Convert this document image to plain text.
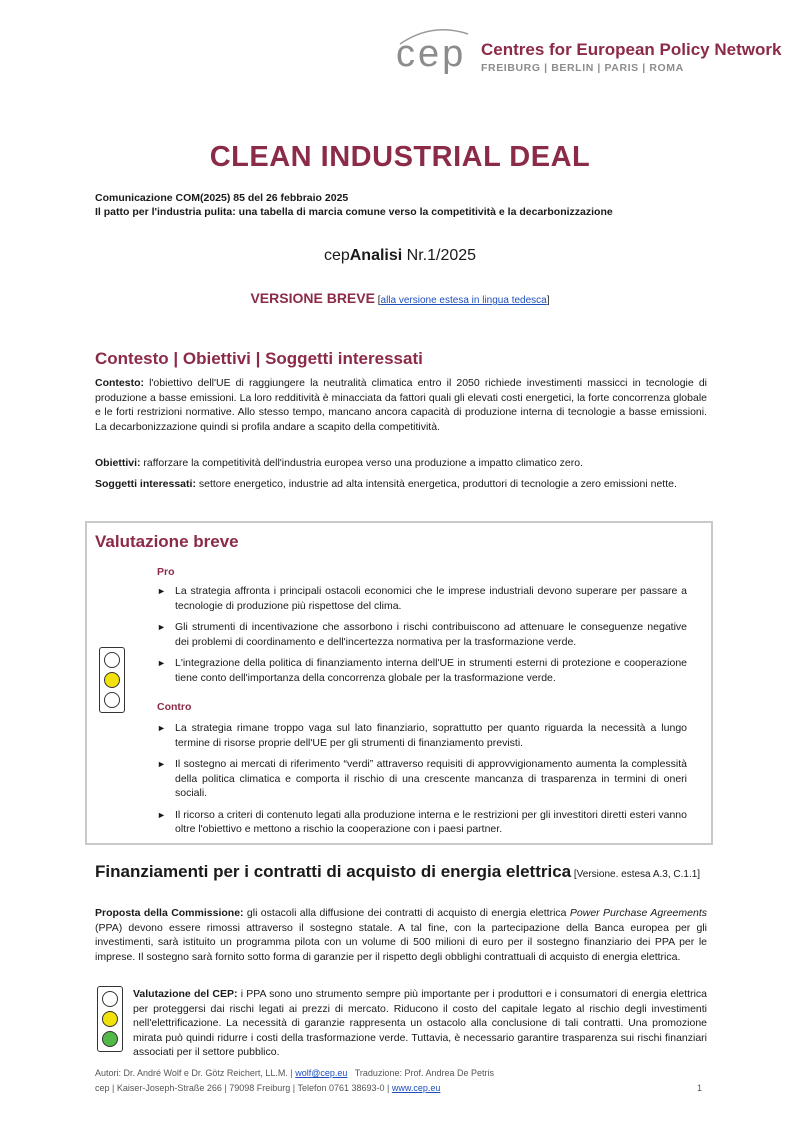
cep Centres for European Policy Network
FREIBURG | BERLIN | PARIS | ROMA
CLEAN INDUSTRIAL DEAL
Comunicazione COM(2025) 85 del 26 febbraio 2025
Il patto per l'industria pulita: una tabella di marcia comune verso la competitività e la decarbonizzazione
cepAnalisi Nr.1/2025
VERSIONE BREVE [alla versione estesa in lingua tedesca]
Contesto | Obiettivi | Soggetti interessati

Contesto: l'obiettivo dell'UE di raggiungere la neutralità climatica entro il 2050 richiede investimenti massicci in tecnologie di produzione a basse emissioni. La loro redditività è minacciata da fattori quali gli elevati costi energetici, la forte concorrenza globale e le forti restrizioni normative. Allo stesso tempo, mancano ancora capacità di produzione interna di tecnologie a basse emissioni. La decarbonizzazione quindi si profila andare a scapito della competitività.

Obiettivi: rafforzare la competitività dell'industria europea verso una produzione a impatto climatico zero.

Soggetti interessati: settore energetico, industrie ad alta intensità energetica, produttori di tecnologie a zero emissioni nette.

Valutazione breve
Pro
► La strategia affronta i principali ostacoli economici che le imprese industriali devono superare per passare a tecnologie di produzione più rispettose del clima.
► Gli strumenti di incentivazione che assorbono i rischi contribuiscono ad attenuare le conseguenze negative dei problemi di coordinamento e dell'incertezza normativa per la trasformazione verde.
► L'integrazione della politica di finanziamento interna dell'UE in strumenti esterni di protezione e cooperazione tiene conto dell'importanza della concorrenza globale per la trasformazione verde.
Contro
► La strategia rimane troppo vaga sul lato finanziario, soprattutto per quanto riguarda la necessità a lungo termine di risorse proprie dell'UE per gli strumenti di finanziamento previsti.
► Il sostegno ai mercati di riferimento “verdi” attraverso requisiti di approvvigionamento aumenta la complessità della politica climatica e comporta il rischio di una crescente mancanza di trasparenza in termini di oneri sociali.
► Il ricorso a criteri di contenuto legati alla produzione interna e le restrizioni per gli investitori diretti esteri vanno oltre l'obiettivo e mettono a rischio la cooperazione con i paesi partner.
Finanziamenti per i contratti di acquisto di energia elettrica [Versione. estesa A.3, C.1.1]

Proposta della Commissione: gli ostacoli alla diffusione dei contratti di acquisto di energia elettrica Power Purchase Agreements (PPA) devono essere rimossi attraverso il sostegno statale. A tal fine, con la partecipazione della Banca europea per gli investimenti, sarà istituito un programma pilota con un volume di 500 milioni di euro per il sostegno finanziario dei PPA per le imprese. Il sostegno sarà fornito sotto forma di garanzie per il rispetto degli obblighi contrattuali di acquisto di energia elettrica.

Valutazione del CEP: i PPA sono uno strumento sempre più importante per i produttori e i consumatori di energia elettrica per proteggersi dai rischi legati ai prezzi di mercato. Riducono il costo del capitale legato al rischio degli investimenti nell'elettrificazione. La necessità di garanzie rappresenta un ostacolo alla conclusione di tali contratti. Una promozione mirata può quindi ridurre i costi della trasformazione verde. Tuttavia, è necessario garantire trasparenza sui rischi finanziari associati per il settore pubblico.

Autori: Dr. André Wolf e Dr. Götz Reichert, LL.M. | wolf@cep.eu   Traduzione: Prof. Andrea De Petris
cep | Kaiser-Joseph-Straße 266 | 79098 Freiburg | Telefon 0761 38693-0 | www.cep.eu	1
